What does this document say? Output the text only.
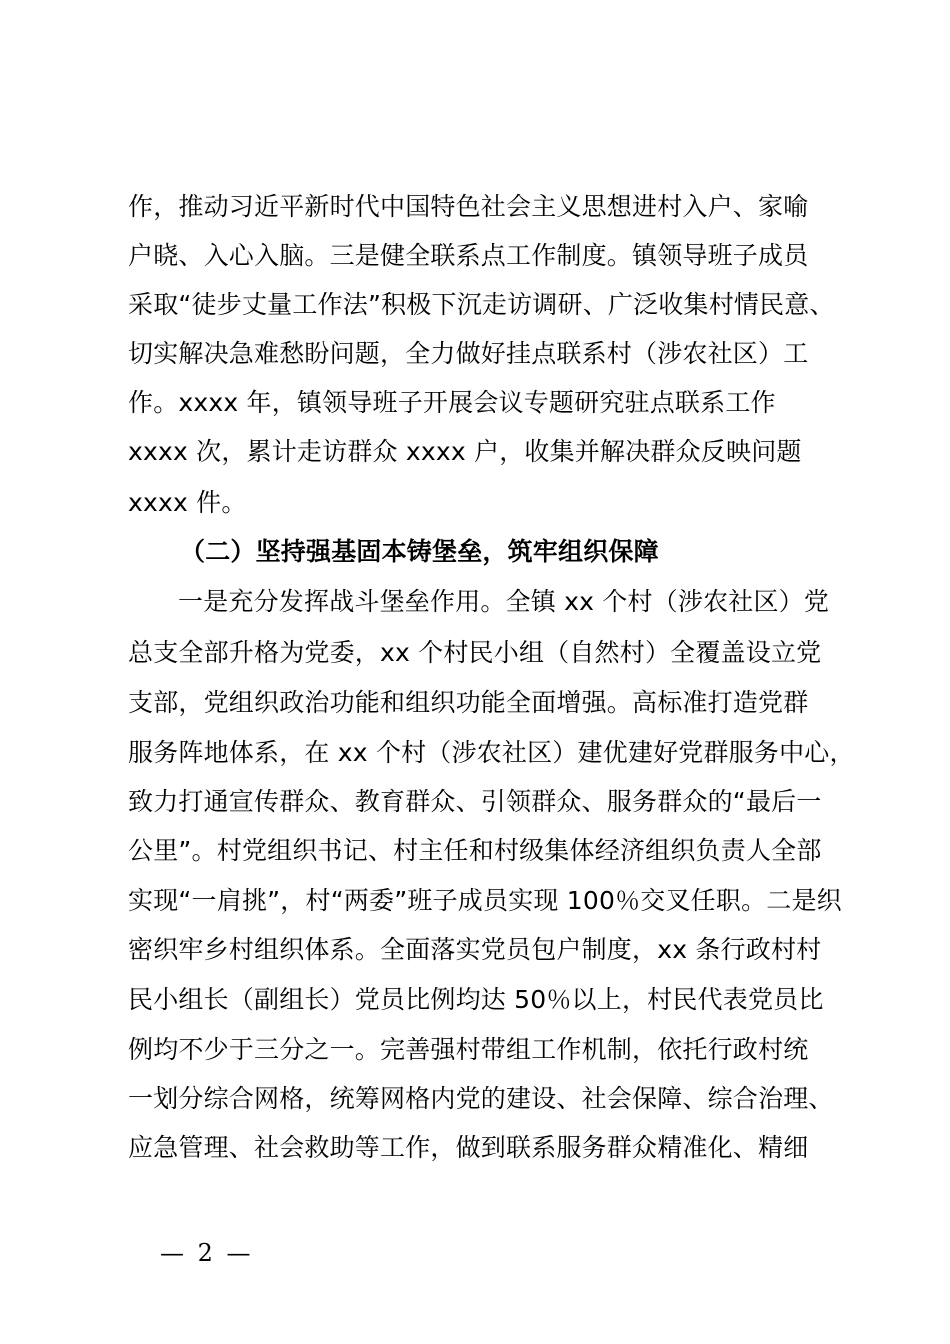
作，推动习近平新时代中国特色社会主义思想进村入户、家喻
户晓、入心入脑。三是健全联系点工作制度。镇领导班子成员
采取“徒步丈量工作法”积极下沉走访调研、广泛收集村情民意、
切实解决急难愁盼问题，全力做好挂点联系村（涉农社区）工
作。xxxx 年，镇领导班子开展会议专题研究驻点联系工作
xxxx 次，累计走访群众 xxxx 户，收集并解决群众反映问题
xxxx 件。
（二）坚持强基固本铸堡垒，筑牢组织保障
一是充分发挥战斗堡垒作用。全镇 xx 个村（涉农社区）党
总支全部升格为党委，xx 个村民小组（自然村）全覆盖设立党
支部，党组织政治功能和组织功能全面增强。高标准打造党群
服务阵地体系，在 xx 个村（涉农社区）建优建好党群服务中心，
致力打通宣传群众、教育群众、引领群众、服务群众的“最后一
公里”。村党组织书记、村主任和村级集体经济组织负责人全部
实现“一肩挑”，村“两委”班子成员实现 100％交叉任职。二是织
密织牢乡村组织体系。全面落实党员包户制度，xx 条行政村村
民小组长（副组长）党员比例均达 50％以上，村民代表党员比
例均不少于三分之一。完善强村带组工作机制，依托行政村统
一划分综合网格，统筹网格内党的建设、社会保障、综合治理、
应急管理、社会救助等工作，做到联系服务群众精准化、精细
— 2 —
